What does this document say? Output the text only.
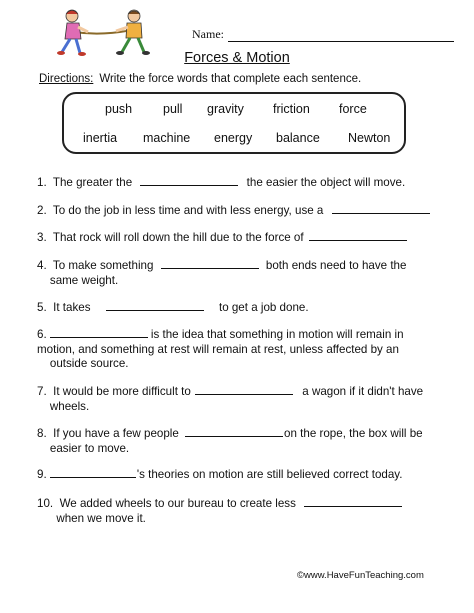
Name:
Forces & Motion
Directions: Write the force words that complete each sentence.
push pull gravity friction force
inertia machine energy balance Newton
1. The greater the	the easier the object will move.
2. To do the job in less time and with less energy, use a
3. That rock will roll down the hill due to the force of
4. To make something	both ends need to have the
same weight.
5. It takes	to get a job done.
6.	is the idea that something in motion will remain in
motion, and something at rest will remain at rest, unless affected by an
outside source.
7. It would be more difficult to	a wagon if it didn't have
wheels.
8. If you have a few people	on the rope, the box will be
easier to move.
9.	's theories on motion are still believed correct today.
10. We added wheels to our bureau to create less
when we move it.
©www.HaveFunTeaching.com
